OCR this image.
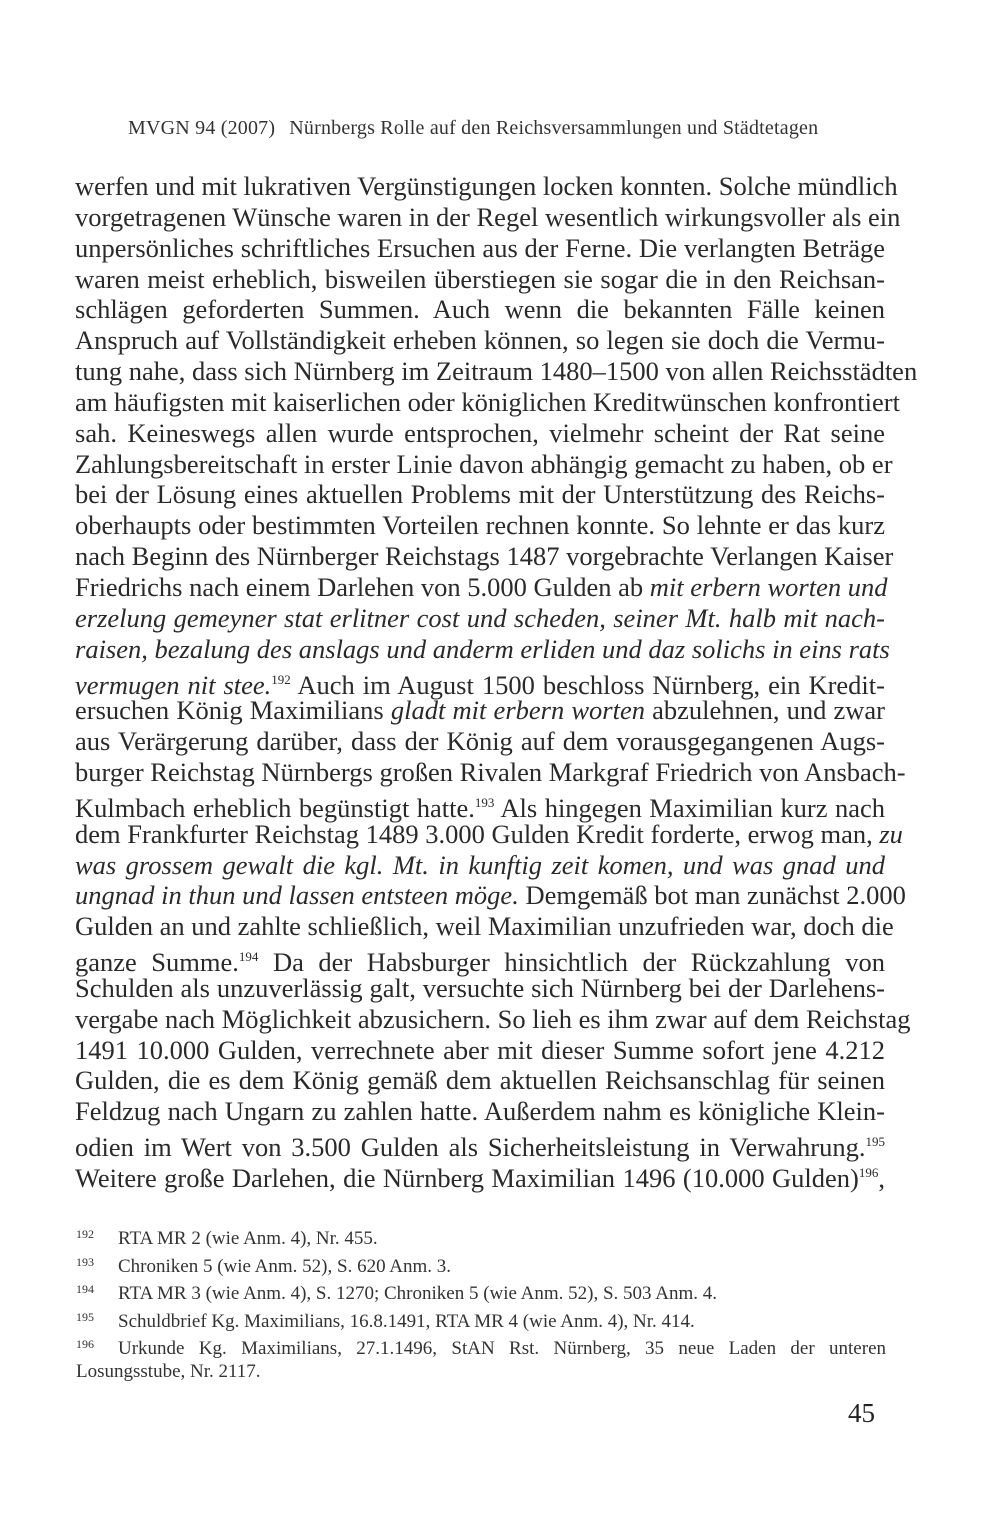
MVGN 94 (2007) Nürnbergs Rolle auf den Reichsversammlungen und Städtetagen
werfen und mit lukrativen Vergünstigungen locken konnten. Solche mündlich
vorgetragenen Wünsche waren in der Regel wesentlich wirkungsvoller als ein
unpersönliches schriftliches Ersuchen aus der Ferne. Die verlangten Beträge
waren meist erheblich, bisweilen überstiegen sie sogar die in den Reichsan-
schlägen geforderten Summen. Auch wenn die bekannten Fälle keinen
Anspruch auf Vollständigkeit erheben können, so legen sie doch die Vermu-
tung nahe, dass sich Nürnberg im Zeitraum 1480–1500 von allen Reichsstädten
am häufigsten mit kaiserlichen oder königlichen Kreditwünschen konfrontiert
sah. Keineswegs allen wurde entsprochen, vielmehr scheint der Rat seine
Zahlungsbereitschaft in erster Linie davon abhängig gemacht zu haben, ob er
bei der Lösung eines aktuellen Problems mit der Unterstützung des Reichs-
oberhaupts oder bestimmten Vorteilen rechnen konnte. So lehnte er das kurz
nach Beginn des Nürnberger Reichstags 1487 vorgebrachte Verlangen Kaiser
Friedrichs nach einem Darlehen von 5.000 Gulden ab mit erbern worten und
erzelung gemeyner stat erlitner cost und scheden, seiner Mt. halb mit nach-
raisen, bezalung des anslags und anderm erliden und daz solichs in eins rats
vermugen nit stee.$^{192}$ Auch im August 1500 beschloss Nürnberg, ein Kredit-
ersuchen König Maximilians gladt mit erbern worten abzulehnen, und zwar
aus Verärgerung darüber, dass der König auf dem vorausgegangenen Augs-
burger Reichstag Nürnbergs großen Rivalen Markgraf Friedrich von Ansbach-
Kulmbach erheblich begünstigt hatte.$^{193}$ Als hingegen Maximilian kurz nach
dem Frankfurter Reichstag 1489 3.000 Gulden Kredit forderte, erwog man, zu
was grossem gewalt die kgl. Mt. in kunftig zeit komen, und was gnad und
ungnad in thun und lassen entsteen möge. Demgemäß bot man zunächst 2.000
Gulden an und zahlte schließlich, weil Maximilian unzufrieden war, doch die
ganze Summe.$^{194}$ Da der Habsburger hinsichtlich der Rückzahlung von
Schulden als unzuverlässig galt, versuchte sich Nürnberg bei der Darlehens-
vergabe nach Möglichkeit abzusichern. So lieh es ihm zwar auf dem Reichstag
1491 10.000 Gulden, verrechnete aber mit dieser Summe sofort jene 4.212
Gulden, die es dem König gemäß dem aktuellen Reichsanschlag für seinen
Feldzug nach Ungarn zu zahlen hatte. Außerdem nahm es königliche Klein-
odien im Wert von 3.500 Gulden als Sicherheitsleistung in Verwahrung.$^{195}$
Weitere große Darlehen, die Nürnberg Maximilian 1496 (10.000 Gulden)$^{196}$,
192 RTA MR 2 (wie Anm. 4), Nr. 455.
193 Chroniken 5 (wie Anm. 52), S. 620 Anm. 3.
194 RTA MR 3 (wie Anm. 4), S. 1270; Chroniken 5 (wie Anm. 52), S. 503 Anm. 4.
195 Schuldbrief Kg. Maximilians, 16.8.1491, RTA MR 4 (wie Anm. 4), Nr. 414.
196 Urkunde Kg. Maximilians, 27.1.1496, StAN Rst. Nürnberg, 35 neue Laden der unteren
Losungsstube, Nr. 2117.
45
